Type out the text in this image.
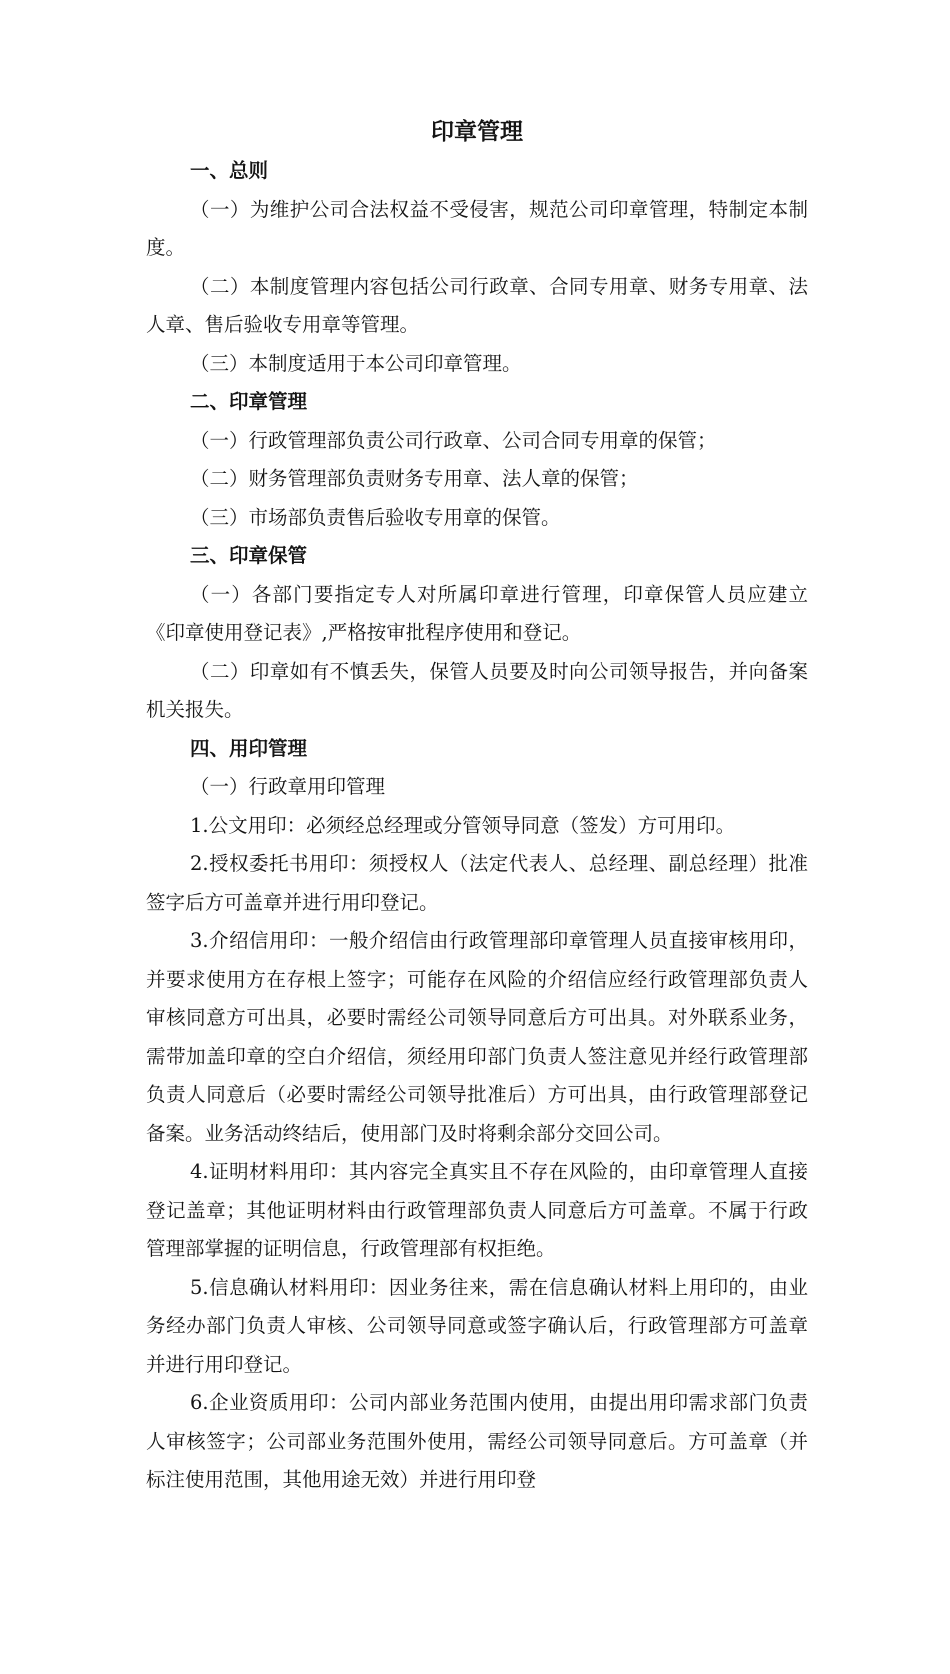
印章管理

一、总则

（一）为维护公司合法权益不受侵害，规范公司印章管理，特制定本制度。

（二）本制度管理内容包括公司行政章、合同专用章、财务专用章、法人章、售后验收专用章等管理。

（三）本制度适用于本公司印章管理。

二、印章管理

（一）行政管理部负责公司行政章、公司合同专用章的保管；

（二）财务管理部负责财务专用章、法人章的保管；

（三）市场部负责售后验收专用章的保管。

三、印章保管

（一）各部门要指定专人对所属印章进行管理，印章保管人员应建立《印章使用登记表》,严格按审批程序使用和登记。

（二）印章如有不慎丢失，保管人员要及时向公司领导报告，并向备案机关报失。

四、用印管理

（一）行政章用印管理

1.公文用印：必须经总经理或分管领导同意（签发）方可用印。

2.授权委托书用印：须授权人（法定代表人、总经理、副总经理）批准签字后方可盖章并进行用印登记。

3.介绍信用印：一般介绍信由行政管理部印章管理人员直接审核用印，并要求使用方在存根上签字；可能存在风险的介绍信应经行政管理部负责人审核同意方可出具，必要时需经公司领导同意后方可出具。对外联系业务，需带加盖印章的空白介绍信，须经用印部门负责人签注意见并经行政管理部负责人同意后（必要时需经公司领导批准后）方可出具，由行政管理部登记备案。业务活动终结后，使用部门及时将剩余部分交回公司。

4.证明材料用印：其内容完全真实且不存在风险的，由印章管理人直接登记盖章；其他证明材料由行政管理部负责人同意后方可盖章。不属于行政管理部掌握的证明信息，行政管理部有权拒绝。

5.信息确认材料用印：因业务往来，需在信息确认材料上用印的，由业务经办部门负责人审核、公司领导同意或签字确认后，行政管理部方可盖章并进行用印登记。

6.企业资质用印：公司内部业务范围内使用，由提出用印需求部门负责人审核签字；公司部业务范围外使用，需经公司领导同意后。方可盖章（并标注使用范围，其他用途无效）并进行用印登
